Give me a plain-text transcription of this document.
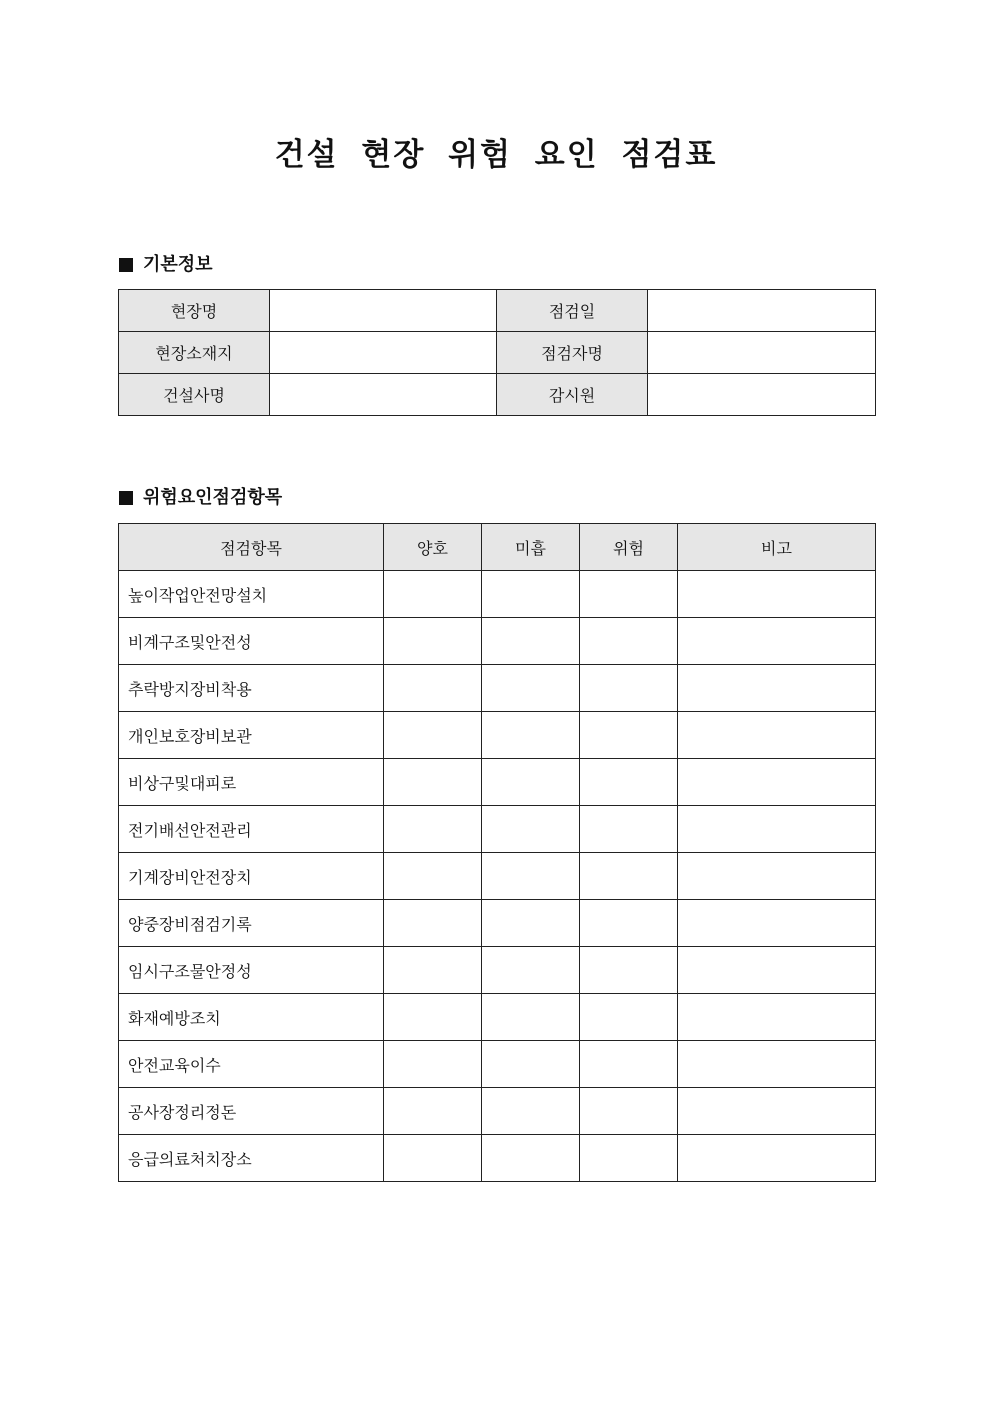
건설 현장 위험 요인 점검표
기본정보
현장명		점검일	
현장소재지		점검자명	
건설사명		감시원	
위험요인점검항목
점검항목	양호	미흡	위험	비고
높이작업안전망설치				
비계구조및안전성				
추락방지장비착용				
개인보호장비보관				
비상구및대피로				
전기배선안전관리				
기계장비안전장치				
양중장비점검기록				
임시구조물안정성				
화재예방조치				
안전교육이수				
공사장정리정돈				
응급의료처치장소				
